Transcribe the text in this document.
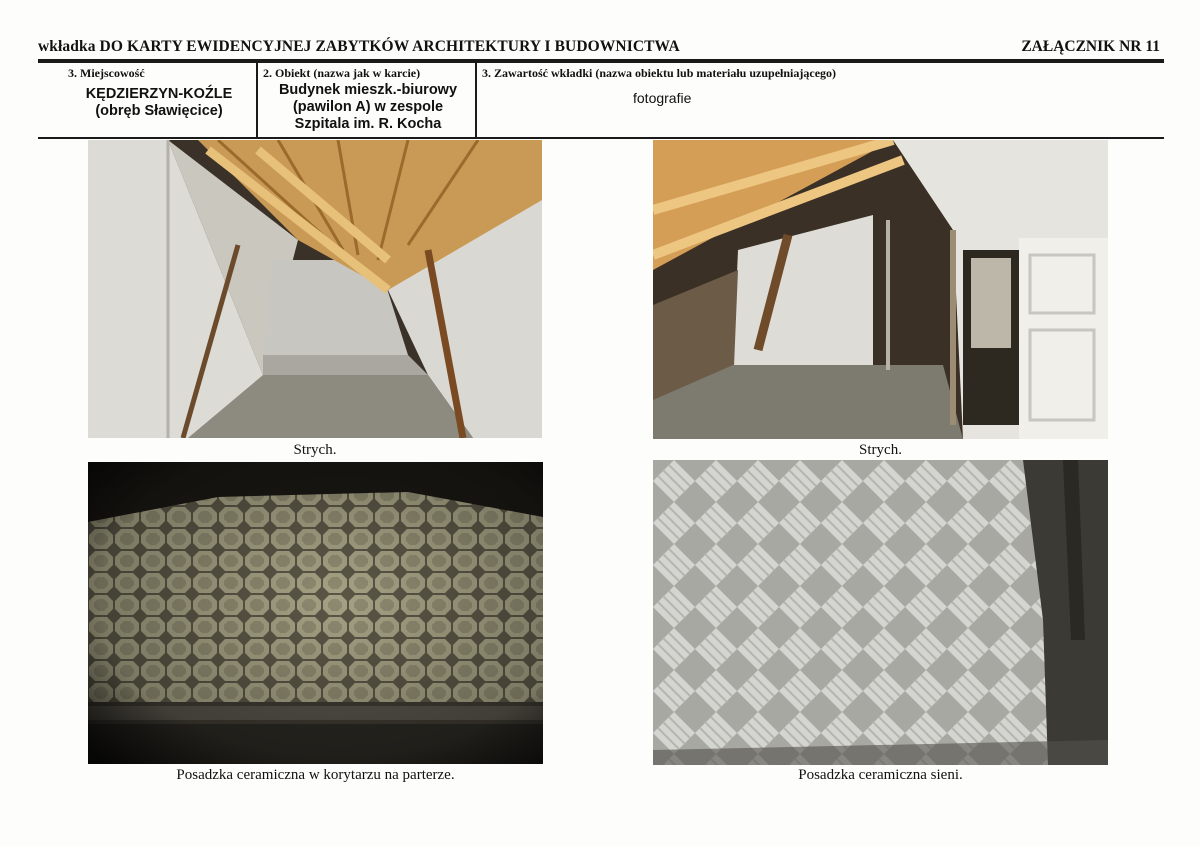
wkładka DO KARTY EWIDENCYJNEJ ZABYTKÓW ARCHITEKTURY I BUDOWNICTWA	ZAŁĄCZNIK NR 11
3. Miejscowość
KĘDZIERZYN-KOŹLE
(obręb Sławięcice)
2. Obiekt (nazwa jak w karcie)
Budynek mieszk.-biurowy
(pawilon A) w zespole
Szpitala im. R. Kocha
3. Zawartość wkładki (nazwa obiektu lub materiału uzupełniającego)
fotografie
Strych.	Strych.
Posadzka ceramiczna w korytarzu na parterze.	Posadzka ceramiczna sieni.
